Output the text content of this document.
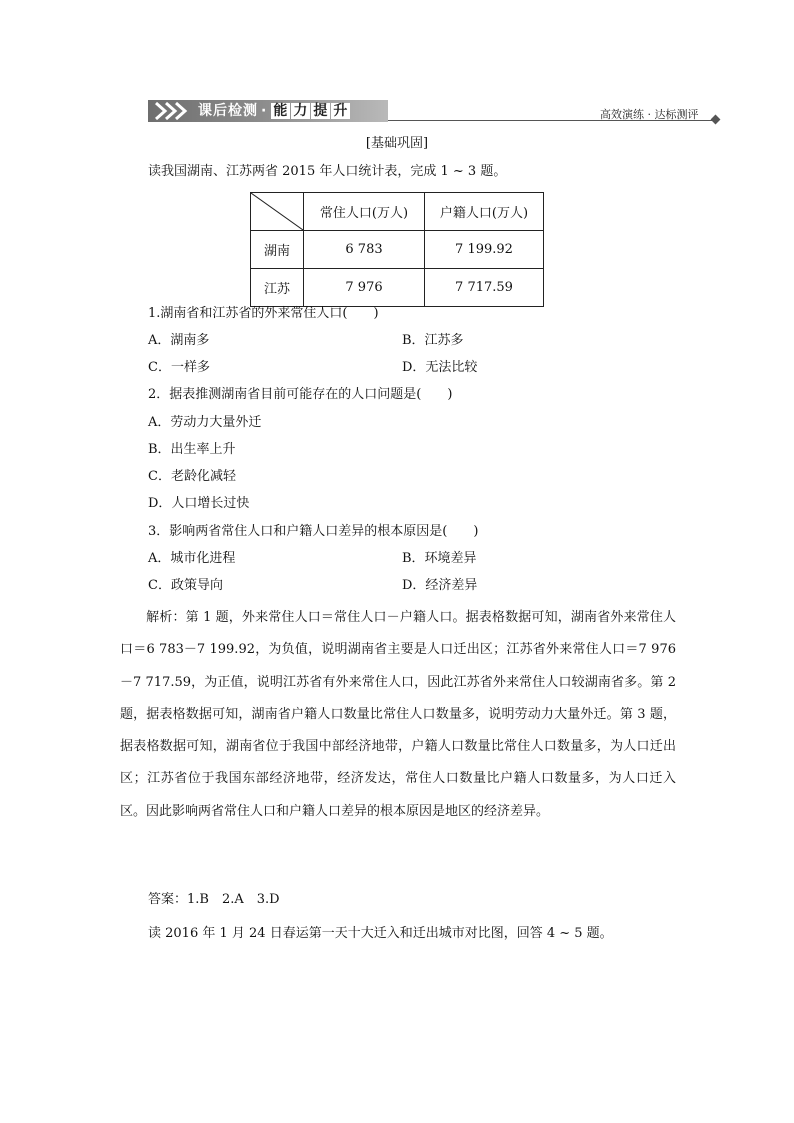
课后检测 · 能 力 提 升	高效演练 · 达标测评
[基础巩固]
读我国湖南、江苏两省 2015 年人口统计表，完成 1 ~ 3 题。
	常住人口(万人)	户籍人口(万人)
湖南	6 783	7 199.92
江苏	7 976	7 717.59
1.湖南省和江苏省的外来常住人口(　　)
A．湖南多	B．江苏多
C．一样多	D．无法比较
2．据表推测湖南省目前可能存在的人口问题是(　　)
A．劳动力大量外迁
B．出生率上升
C．老龄化减轻
D．人口增长过快
3．影响两省常住人口和户籍人口差异的根本原因是(　　)
A．城市化进程	B．环境差异
C．政策导向	D．经济差异
解析：第 1 题，外来常住人口＝常住人口－户籍人口。据表格数据可知，湖南省外来常住人口＝6 783－7 199.92，为负值，说明湖南省主要是人口迁出区；江苏省外来常住人口＝7 976－7 717.59，为正值，说明江苏省有外来常住人口，因此江苏省外来常住人口较湖南省多。第 2 题，据表格数据可知，湖南省户籍人口数量比常住人口数量多，说明劳动力大量外迁。第 3 题，据表格数据可知，湖南省位于我国中部经济地带，户籍人口数量比常住人口数量多，为人口迁出区；江苏省位于我国东部经济地带，经济发达，常住人口数量比户籍人口数量多，为人口迁入区。因此影响两省常住人口和户籍人口差异的根本原因是地区的经济差异。
答案：1.B　2.A　3.D
读 2016 年 1 月 24 日春运第一天十大迁入和迁出城市对比图，回答 4 ~ 5 题。
